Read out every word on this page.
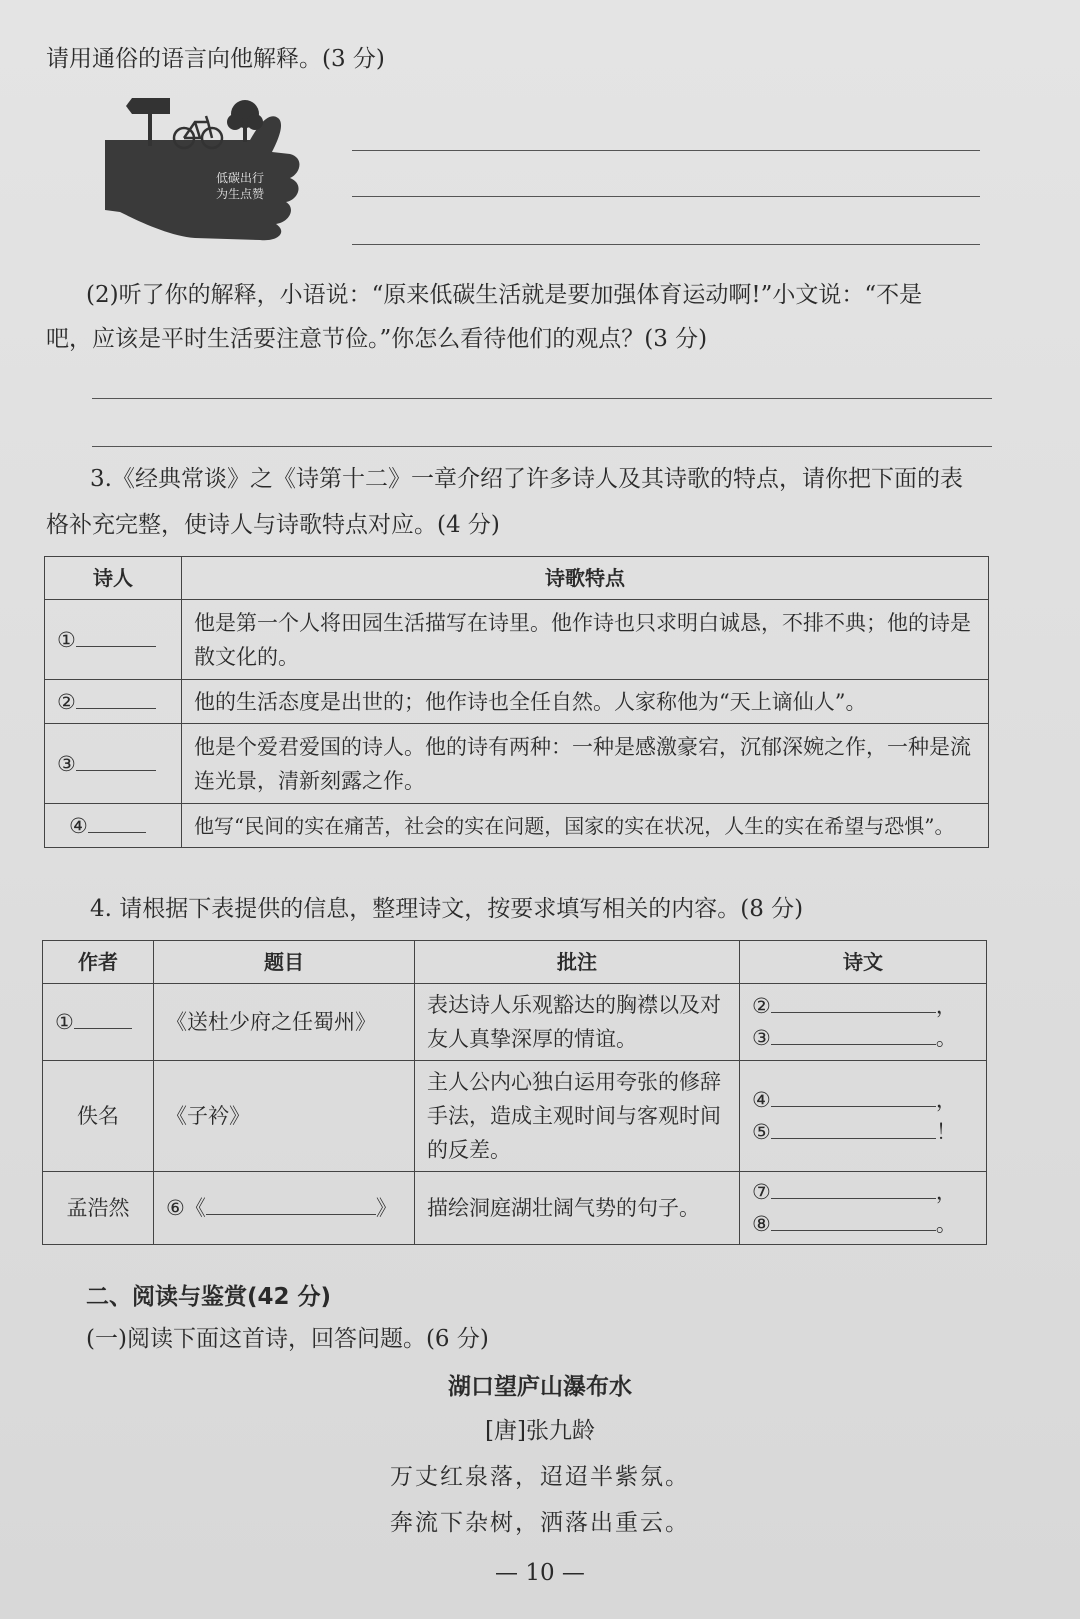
请用通俗的语言向他解释。(3 分)
低碳出行
为生点赞
(2)听了你的解释，小语说：“原来低碳生活就是要加强体育运动啊!”小文说：“不是
吧，应该是平时生活要注意节俭。”你怎么看待他们的观点？(3 分)
3.《经典常谈》之《诗第十二》一章介绍了许多诗人及其诗歌的特点，请你把下面的表
格补充完整，使诗人与诗歌特点对应。(4 分)
诗人	诗歌特点
①	他是第一个人将田园生活描写在诗里。他作诗也只求明白诚恳，不排不典；他的诗是散文化的。
②	他的生活态度是出世的；他作诗也全任自然。人家称他为“天上谪仙人”。
③	他是个爱君爱国的诗人。他的诗有两种：一种是感激豪宕，沉郁深婉之作，一种是流连光景，清新刻露之作。
④	他写“民间的实在痛苦，社会的实在问题，国家的实在状况，人生的实在希望与恐惧”。
4. 请根据下表提供的信息，整理诗文，按要求填写相关的内容。(8 分)
作者	题目	批注	诗文
①	《送杜少府之任蜀州》	表达诗人乐观豁达的胸襟以及对友人真挚深厚的情谊。	② ，
③ 。

佚名	《子衿》	主人公内心独白运用夸张的修辞手法，造成主观时间与客观时间的反差。	④ ，
⑤ ！

孟浩然	⑥《 》	描绘洞庭湖壮阔气势的句子。	⑦ ，
⑧ 。
二、阅读与鉴赏(42 分)
(一)阅读下面这首诗，回答问题。(6 分)
湖口望庐山瀑布水
[唐]张九龄
万丈红泉落，迢迢半紫氛。
奔流下杂树，洒落出重云。
— 10 —
